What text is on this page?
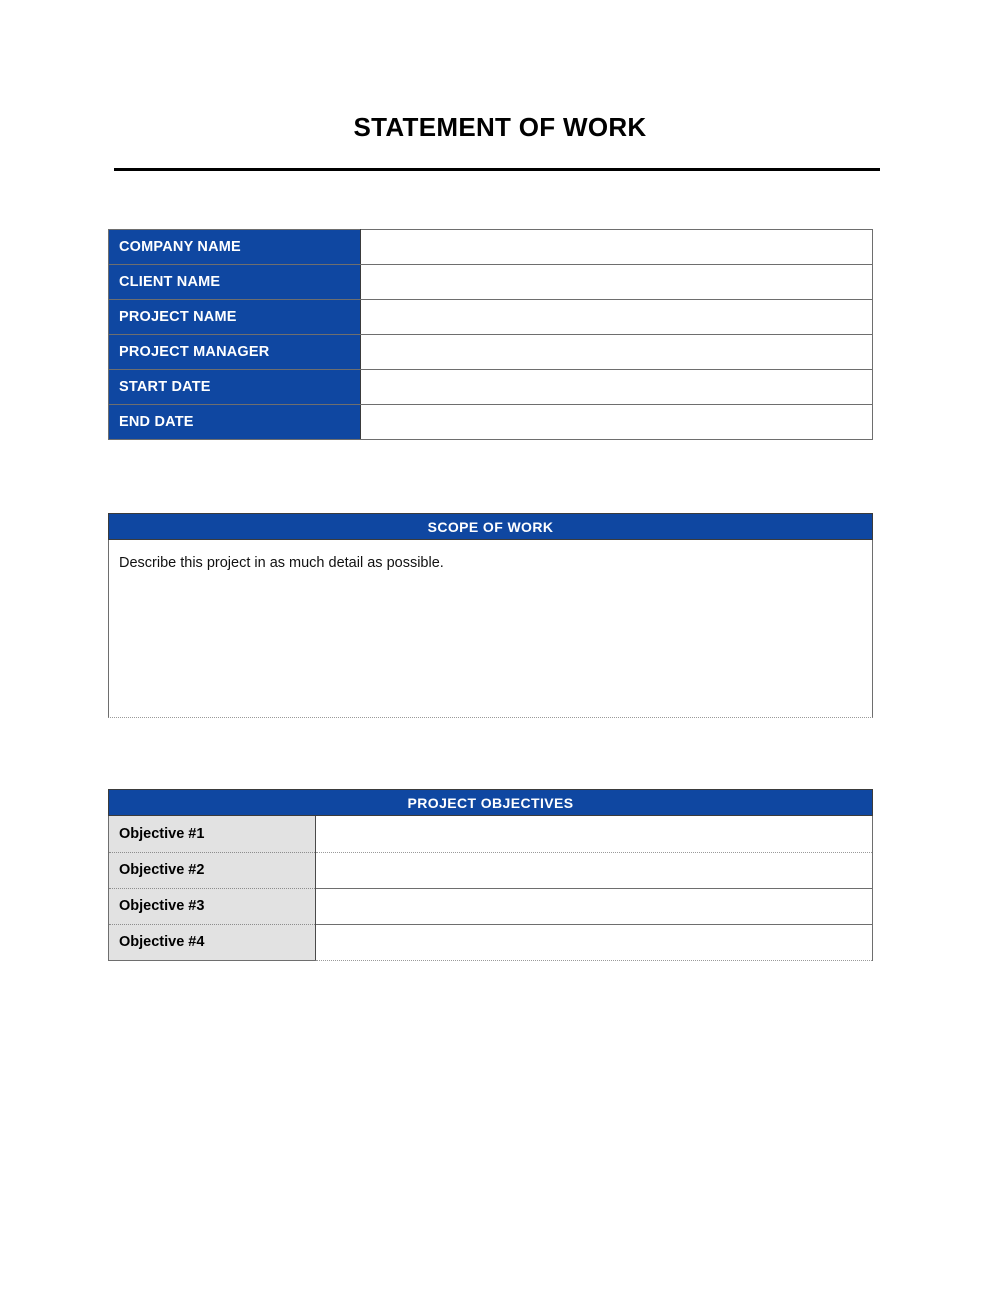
STATEMENT OF WORK
COMPANY NAME	
CLIENT NAME	
PROJECT NAME	
PROJECT MANAGER	
START DATE	
END DATE	
SCOPE OF WORK
Describe this project in as much detail as possible.
PROJECT OBJECTIVES
Objective #1	
Objective #2	
Objective #3	
Objective #4	
